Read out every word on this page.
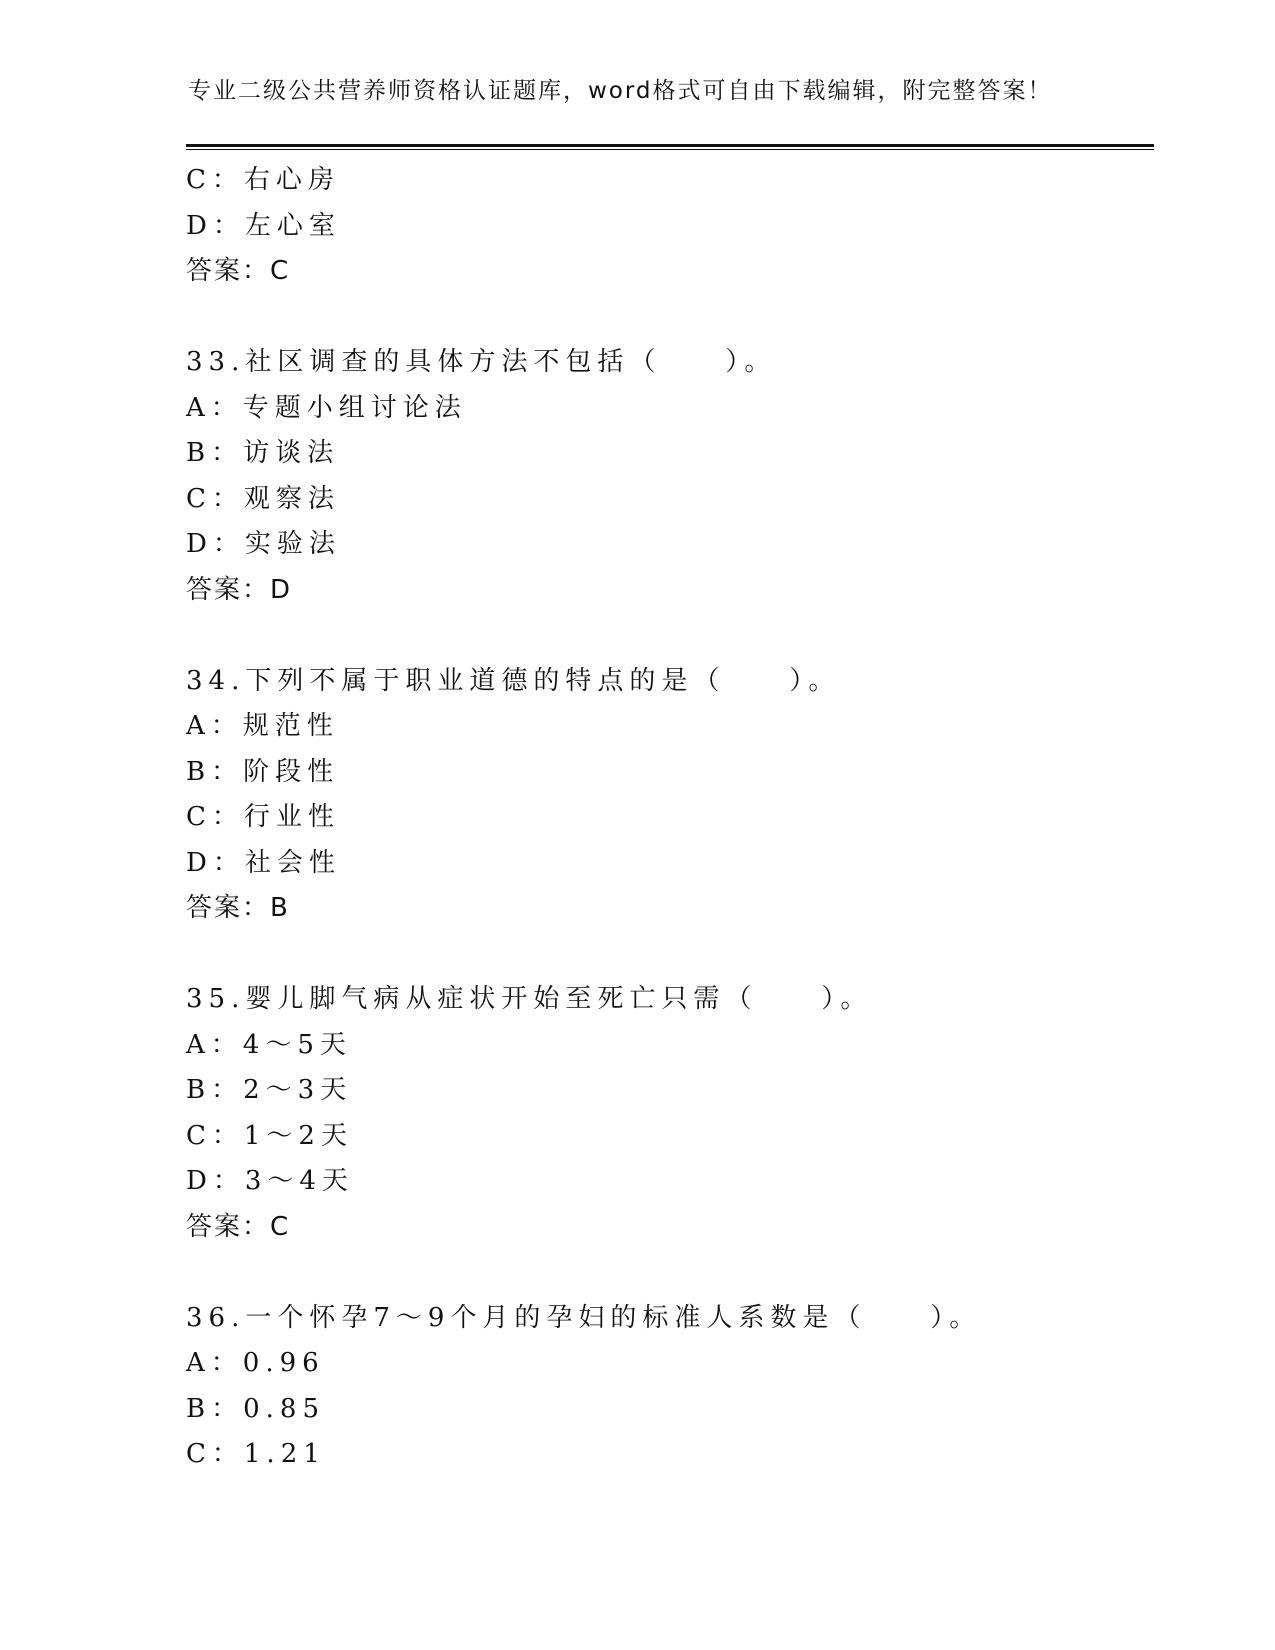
专业二级公共营养师资格认证题库，word格式可自由下载编辑，附完整答案！
C：右心房
D：左心室
答案：C
33.社区调查的具体方法不包括（　　）。
A：专题小组讨论法
B：访谈法
C：观察法
D：实验法
答案：D
34.下列不属于职业道德的特点的是（　　）。
A：规范性
B：阶段性
C：行业性
D：社会性
答案：B
35.婴儿脚气病从症状开始至死亡只需（　　）。
A：4～5天
B：2～3天
C：1～2天
D：3～4天
答案：C
36.一个怀孕7～9个月的孕妇的标准人系数是（　　）。
A：0.96
B：0.85
C：1.21
